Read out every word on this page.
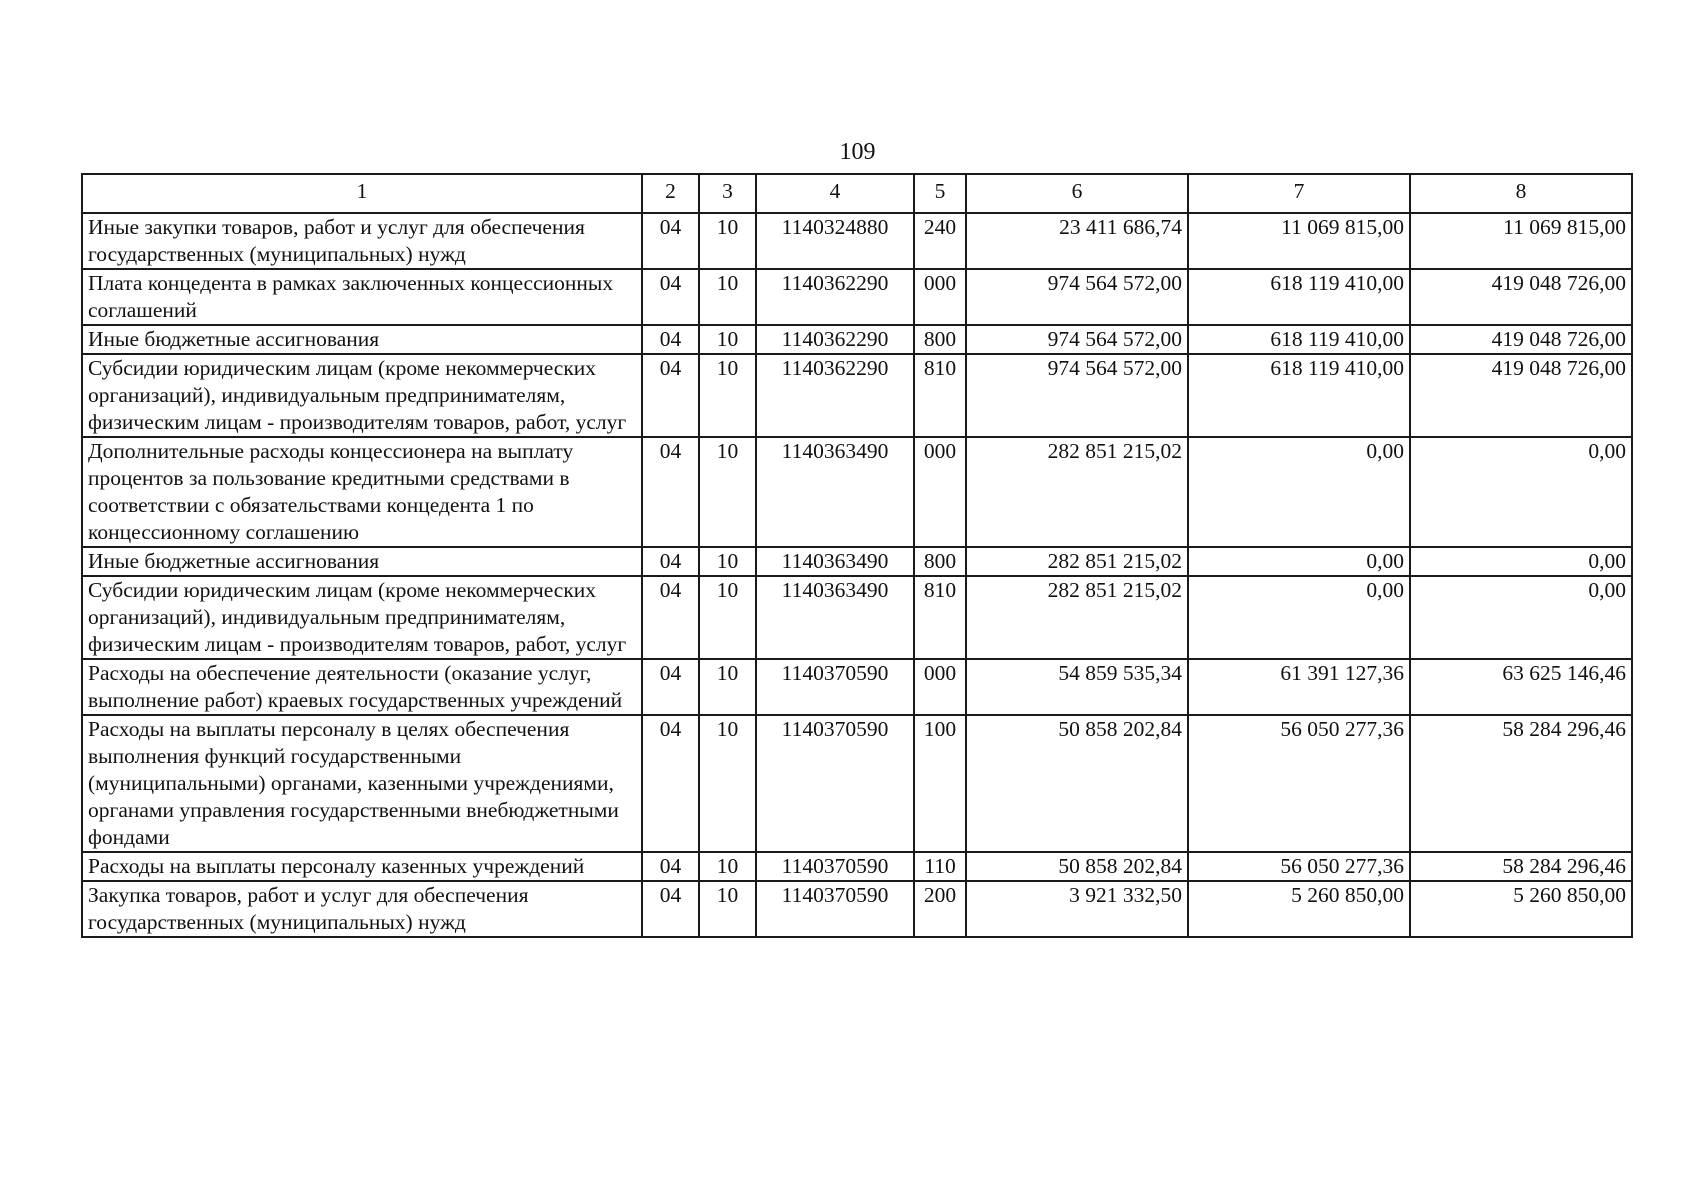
109
1	2	3	4	5	6	7	8
Иные закупки товаров, работ и услуг для обеспечения государственных (муниципальных) нужд	04	10	1140324880	240	23 411 686,74	11 069 815,00	11 069 815,00
Плата концедента в рамках заключенных концессионных соглашений	04	10	1140362290	000	974 564 572,00	618 119 410,00	419 048 726,00
Иные бюджетные ассигнования	04	10	1140362290	800	974 564 572,00	618 119 410,00	419 048 726,00
Субсидии юридическим лицам (кроме некоммерческих организаций), индивидуальным предпринимателям, физическим лицам - производителям товаров, работ, услуг	04	10	1140362290	810	974 564 572,00	618 119 410,00	419 048 726,00
Дополнительные расходы концессионера на выплату процентов за пользование кредитными средствами в соответствии с обязательствами концедента 1 по концессионному соглашению	04	10	1140363490	000	282 851 215,02	0,00	0,00
Иные бюджетные ассигнования	04	10	1140363490	800	282 851 215,02	0,00	0,00
Субсидии юридическим лицам (кроме некоммерческих организаций), индивидуальным предпринимателям, физическим лицам - производителям товаров, работ, услуг	04	10	1140363490	810	282 851 215,02	0,00	0,00
Расходы на обеспечение деятельности (оказание услуг, выполнение работ) краевых государственных учреждений	04	10	1140370590	000	54 859 535,34	61 391 127,36	63 625 146,46
Расходы на выплаты персоналу в целях обеспечения выполнения функций государственными (муниципальными) органами, казенными учреждениями, органами управления государственными внебюджетными фондами	04	10	1140370590	100	50 858 202,84	56 050 277,36	58 284 296,46
Расходы на выплаты персоналу казенных учреждений	04	10	1140370590	110	50 858 202,84	56 050 277,36	58 284 296,46
Закупка товаров, работ и услуг для обеспечения государственных (муниципальных) нужд	04	10	1140370590	200	3 921 332,50	5 260 850,00	5 260 850,00
